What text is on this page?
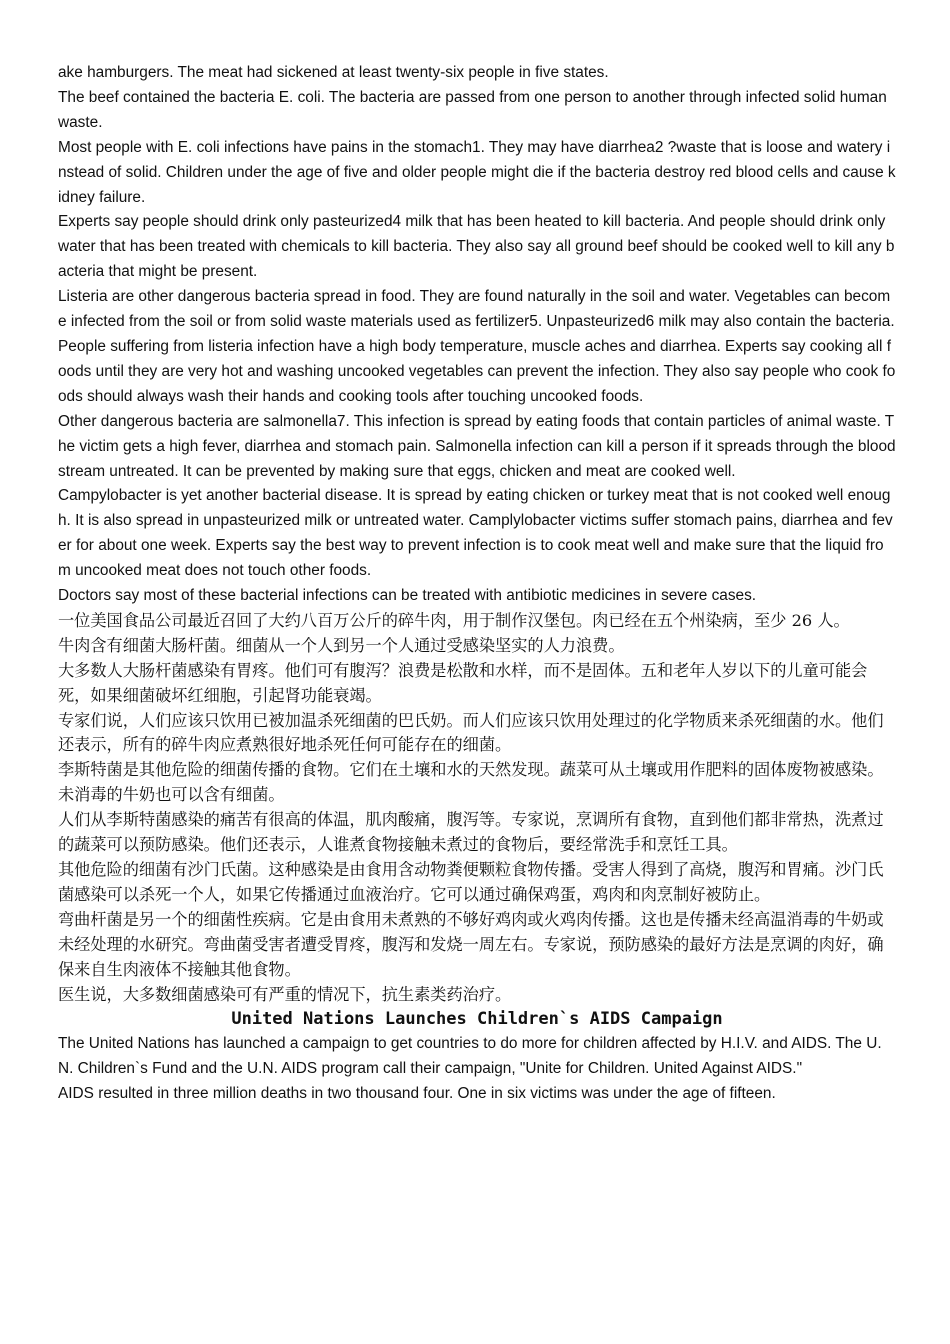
ake hamburgers. The meat had sickened at least twenty-six people in five states.

The beef contained the bacteria E. coli. The bacteria are passed from one person to another through infected solid human waste.

Most people with E. coli infections have pains in the stomach1. They may have diarrhea2 ?waste that is loose and watery instead of solid. Children under the age of five and older people might die if the bacteria destroy red blood cells and cause kidney failure.

Experts say people should drink only pasteurized4 milk that has been heated to kill bacteria. And people should drink only water that has been treated with chemicals to kill bacteria. They also say all ground beef should be cooked well to kill any bacteria that might be present.

Listeria are other dangerous bacteria spread in food. They are found naturally in the soil and water. Vegetables can become infected from the soil or from solid waste materials used as fertilizer5. Unpasteurized6 milk may also contain the bacteria.

People suffering from listeria infection have a high body temperature, muscle aches and diarrhea. Experts say cooking all foods until they are very hot and washing uncooked vegetables can prevent the infection. They also say people who cook foods should always wash their hands and cooking tools after touching uncooked foods.

Other dangerous bacteria are salmonella7. This infection is spread by eating foods that contain particles of animal waste. The victim gets a high fever, diarrhea and stomach pain. Salmonella infection can kill a person if it spreads through the bloodstream untreated. It can be prevented by making sure that eggs, chicken and meat are cooked well.

Campylobacter is yet another bacterial disease. It is spread by eating chicken or turkey meat that is not cooked well enough. It is also spread in unpasteurized milk or untreated water. Camplylobacter victims suffer stomach pains, diarrhea and fever for about one week. Experts say the best way to prevent infection is to cook meat well and make sure that the liquid from uncooked meat does not touch other foods.

Doctors say most of these bacterial infections can be treated with antibiotic medicines in severe cases.

一位美国食品公司最近召回了大约八百万公斤的碎牛肉，用于制作汉堡包。肉已经在五个州染病，至少 26 人。

牛肉含有细菌大肠杆菌。细菌从一个人到另一个人通过受感染坚实的人力浪费。

大多数人大肠杆菌感染有胃疼。他们可有腹泻？浪费是松散和水样，而不是固体。五和老年人岁以下的儿童可能会死，如果细菌破坏红细胞，引起肾功能衰竭。

专家们说，人们应该只饮用已被加温杀死细菌的巴氏奶。而人们应该只饮用处理过的化学物质来杀死细菌的水。他们还表示，所有的碎牛肉应煮熟很好地杀死任何可能存在的细菌。

李斯特菌是其他危险的细菌传播的食物。它们在土壤和水的天然发现。蔬菜可从土壤或用作肥料的固体废物被感染。未消毒的牛奶也可以含有细菌。

人们从李斯特菌感染的痛苦有很高的体温，肌肉酸痛，腹泻等。专家说，烹调所有食物，直到他们都非常热，洗煮过的蔬菜可以预防感染。他们还表示，人谁煮食物接触未煮过的食物后，要经常洗手和烹饪工具。

其他危险的细菌有沙门氏菌。这种感染是由食用含动物粪便颗粒食物传播。受害人得到了高烧，腹泻和胃痛。沙门氏菌感染可以杀死一个人，如果它传播通过血液治疗。它可以通过确保鸡蛋，鸡肉和肉烹制好被防止。

弯曲杆菌是另一个的细菌性疾病。它是由食用未煮熟的不够好鸡肉或火鸡肉传播。这也是传播未经高温消毒的牛奶或未经处理的水研究。弯曲菌受害者遭受胃疼，腹泻和发烧一周左右。专家说，预防感染的最好方法是烹调的肉好，确保来自生肉液体不接触其他食物。

医生说，大多数细菌感染可有严重的情况下，抗生素类药治疗。

United Nations Launches Children`s AIDS Campaign

The United Nations has launched a campaign to get countries to do more for children affected by H.I.V. and AIDS. The U.N. Children`s Fund and the U.N. AIDS program call their campaign, "Unite for Children. United Against AIDS."

AIDS resulted in three million deaths in two thousand four. One in six victims was under the age of fifteen.
